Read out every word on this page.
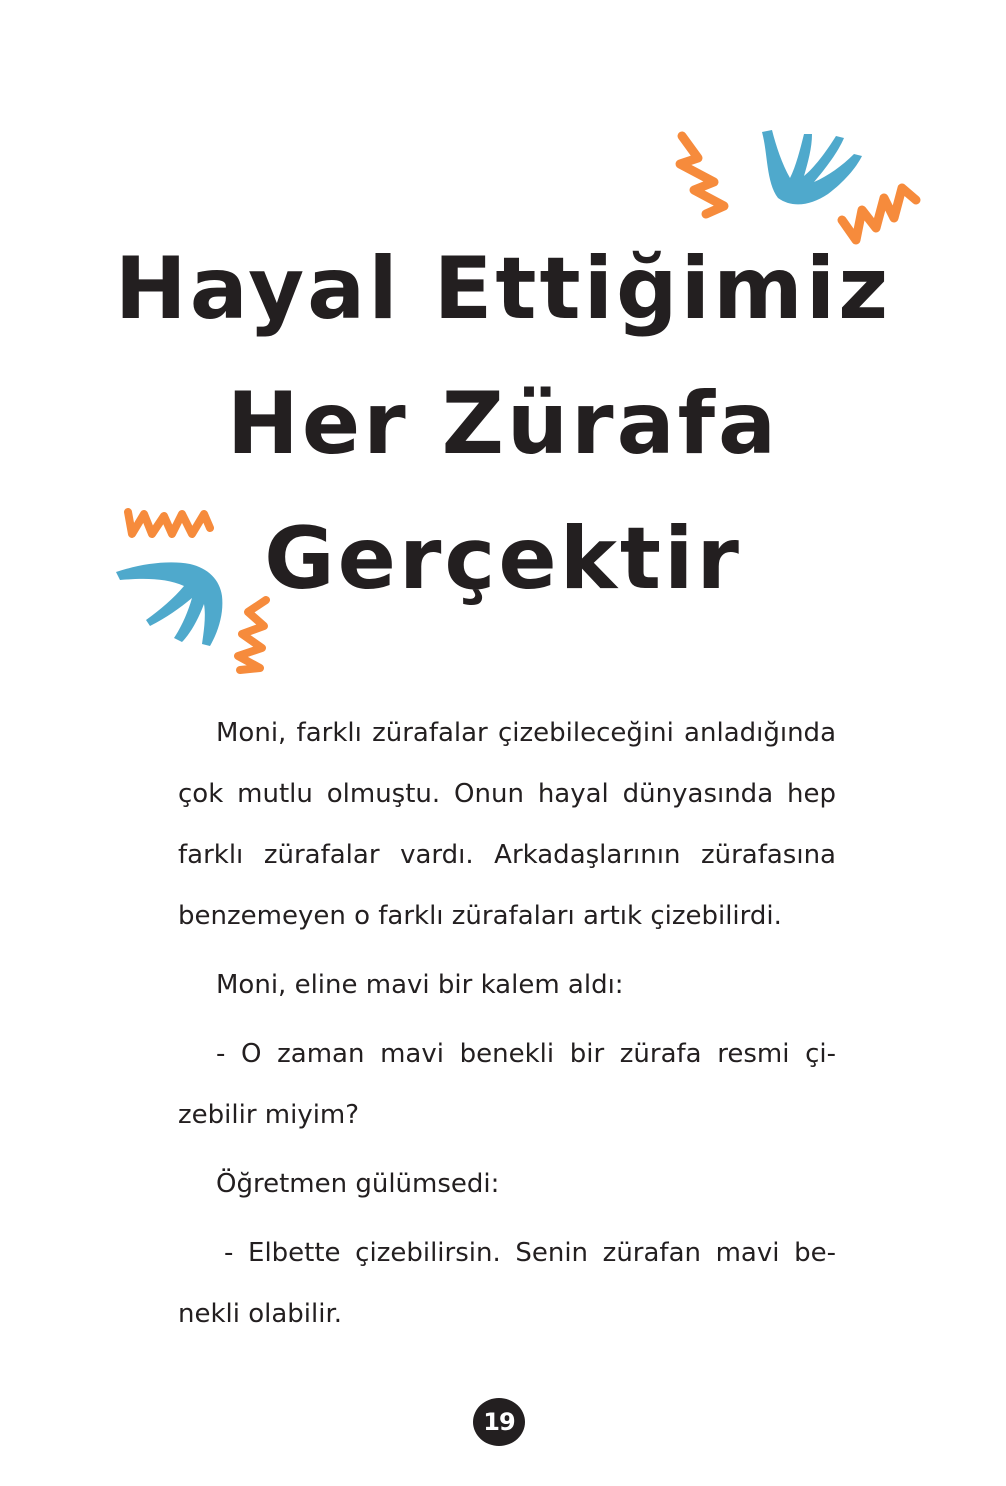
Hayal Ettiğimiz
Her Zürafa
Gerçektir
Moni, farklı zürafalar çizebileceğini anladığında
çok mutlu olmuştu. Onun hayal dünyasında hep
farklı zürafalar vardı. Arkadaşlarının zürafasına
benzemeyen o farklı zürafaları artık çizebilirdi.
Moni, eline mavi bir kalem aldı:
- O zaman mavi benekli bir zürafa resmi çi-
zebilir miyim?
Öğretmen gülümsedi:
- Elbette çizebilirsin. Senin zürafan mavi be-
nekli olabilir.
19
